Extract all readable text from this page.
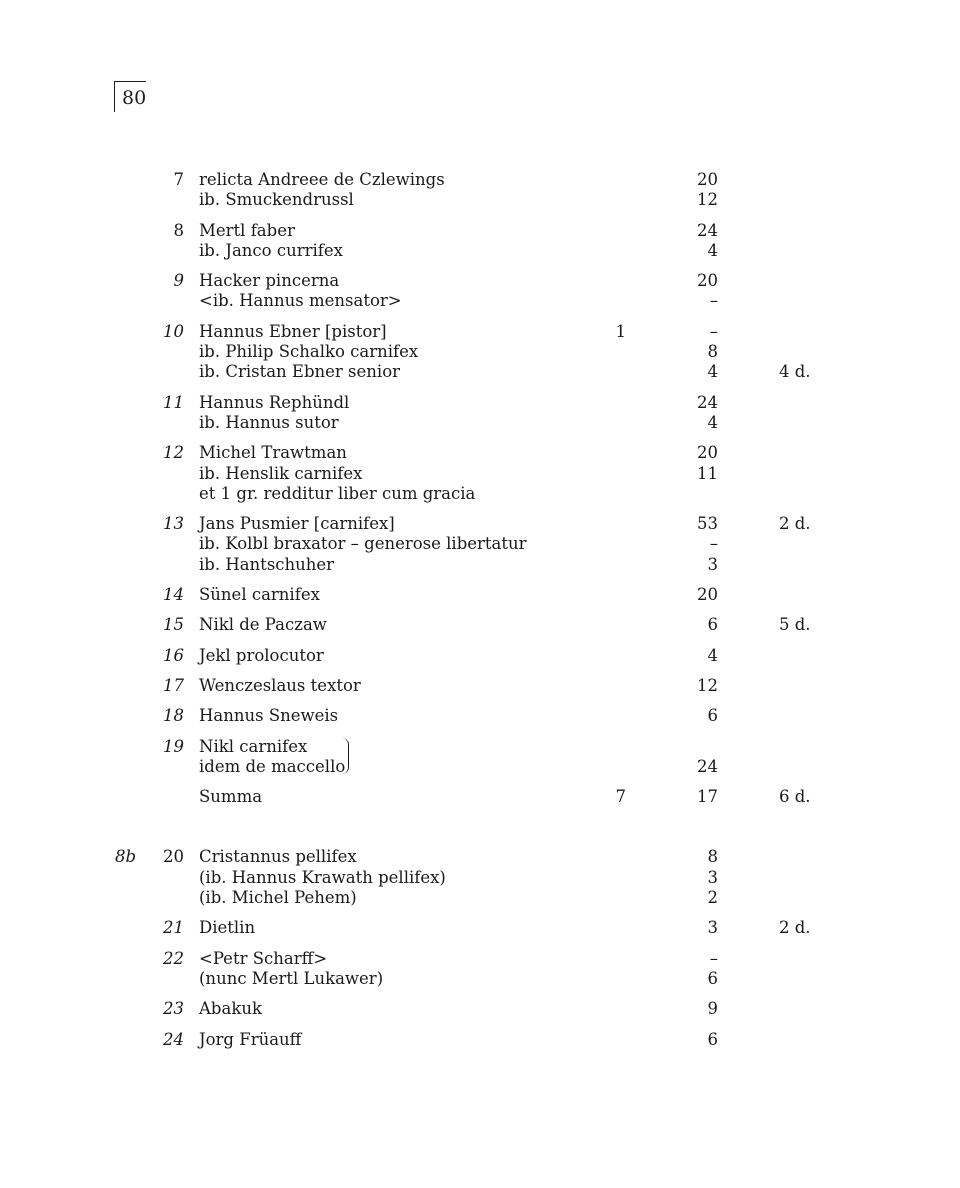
80
7 relicta Andreee de Czlewings	20
ib. Smuckendrussl	12
8 Mertl faber	24
ib. Janco currifex	4
9 Hacker pincerna	20
<ib. Hannus mensator>	–
10 Hannus Ebner [pistor]	1	–
ib. Philip Schalko carnifex	8
ib. Cristan Ebner senior	4	4 d.
11 Hannus Rephündl	24
ib. Hannus sutor	4
12 Michel Trawtman	20
ib. Henslik carnifex	11
et 1 gr. redditur liber cum gracia
13 Jans Pusmier [carnifex]	53	2 d.
ib. Kolbl braxator – generose libertatur	–
ib. Hantschuher	3
14 Sünel carnifex	20
15 Nikl de Paczaw	6	5 d.
16 Jekl prolocutor	4
17 Wenczeslaus textor	12
18 Hannus Sneweis	6
19 Nikl carnifex
idem de maccello	24
Summa	7	17	6 d.
8b	20 Cristannus pellifex	8
(ib. Hannus Krawath pellifex)	3
(ib. Michel Pehem)	2
21 Dietlin	3	2 d.
22 <Petr Scharff>	–
(nunc Mertl Lukawer)	6
23 Abakuk	9
24 Jorg Früauff	6
